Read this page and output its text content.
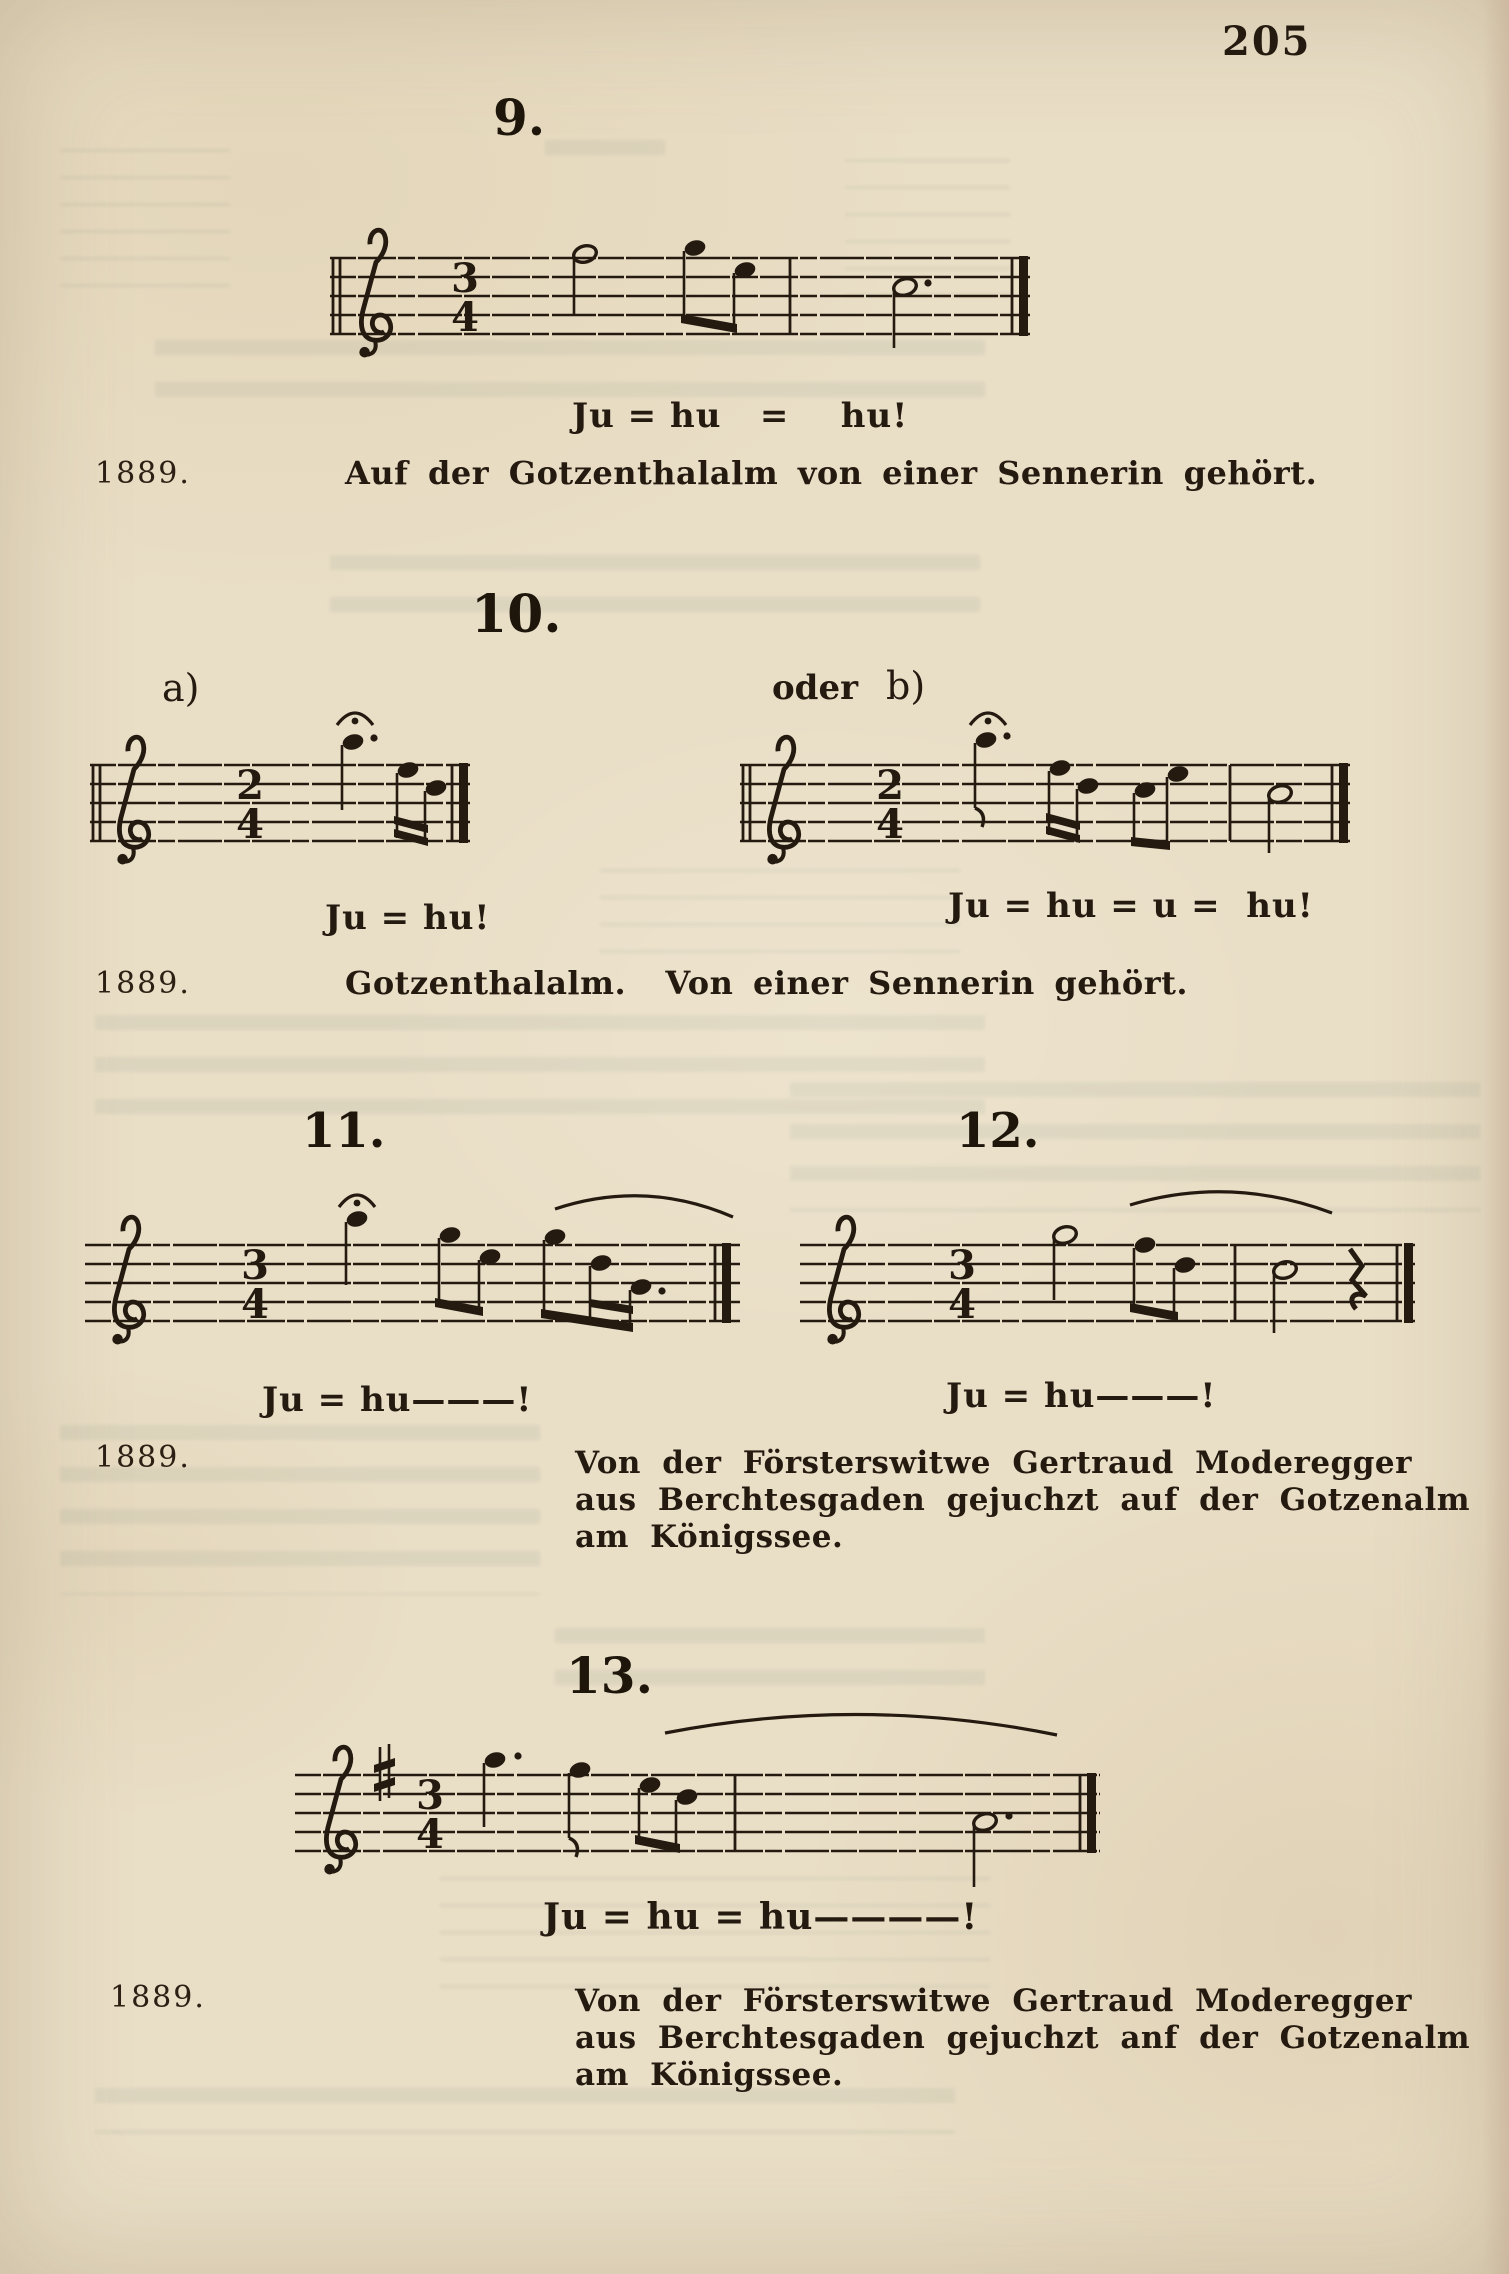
205
9.
3
4
Ju = hu   =    hu!
1889.	Auf der Gotzenthalalm von einer Sennerin gehört.
10.
a)	oder b)
2
4
2
4
Ju = hu!	Ju = hu = u =  hu!
1889.	Gotzenthalalm.  Von einer Sennerin gehört.
11.	12.
3
4
3
4
Ju = hu———!	Ju = hu———!
1889.	Von der Försterswitwe Gertraud Moderegger
aus Berchtesgaden gejuchzt auf der Gotzenalm
am Königssee.
13.
3
4
Ju = hu = hu————!
1889.	Von der Försterswitwe Gertraud Moderegger
aus Berchtesgaden gejuchzt anf der Gotzenalm
am Königssee.
